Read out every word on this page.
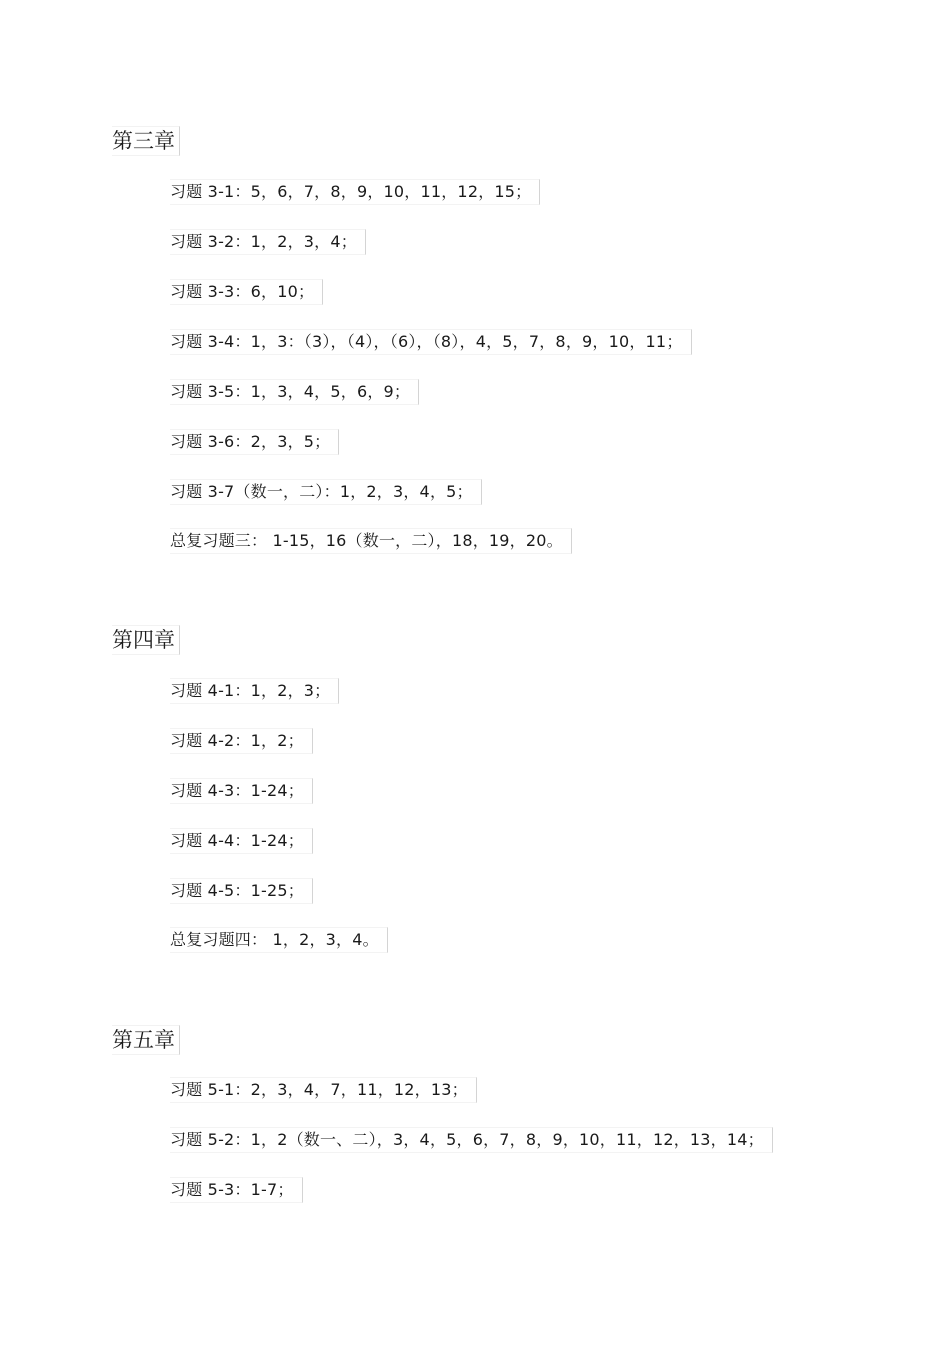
第三章
习题 3-1：5，6，7，8，9，10，11，12，15；
习题 3-2：1，2，3，4；
习题 3-3：6，10；
习题 3-4：1，3：（3），（4），（6），（8），4，5，7，8，9，10，11；
习题 3-5：1，3，4，5，6，9；
习题 3-6：2，3，5；
习题 3-7（数一，二）：1，2，3，4，5；
总复习题三： 1-15，16（数一，二），18，19，20。
第四章
习题 4-1：1，2，3；
习题 4-2：1，2；
习题 4-3：1-24；
习题 4-4：1-24；
习题 4-5：1-25；
总复习题四： 1，2，3，4。
第五章
习题 5-1：2，3，4，7，11，12，13；
习题 5-2：1，2（数一、二），3，4，5，6，7，8，9，10，11，12，13，14；
习题 5-3：1-7；
